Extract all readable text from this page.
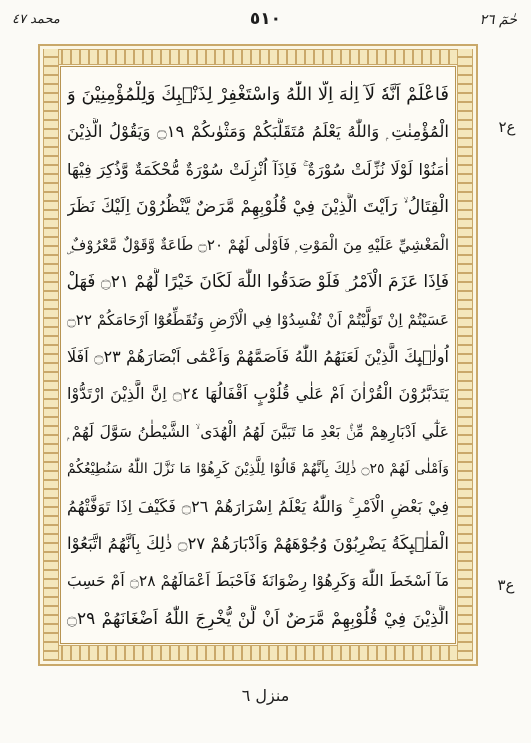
محمد ٤٧	٥١٠	حٰمٓ ٢٦
فَاعْلَمْ اَنَّهٗ لَآ اِلٰهَ اِلَّا اللّٰهُ وَاسْتَغْفِرْ لِذَنْۢبِكَ وَلِلْمُؤْمِنِيْنَ وَ
الْمُؤْمِنٰتِ ۭ وَاللّٰهُ يَعْلَمُ مُتَقَلَّبَكُمْ وَمَثْوٰىكُمْ ۝١٩ وَيَقُوْلُ الَّذِيْنَ
اٰمَنُوْا لَوْلَا نُزِّلَتْ سُوْرَةٌ ۚ فَاِذَآ اُنْزِلَتْ سُوْرَةٌ مُّحْكَمَةٌ وَّذُكِرَ فِيْهَا
الْقِتَالُ ۙ رَاَيْتَ الَّذِيْنَ فِيْ قُلُوْبِهِمْ مَّرَضٌ يَّنْظُرُوْنَ اِلَيْكَ نَظَرَ
الْمَغْشِيِّ عَلَيْهِ مِنَ الْمَوْتِ ۭ فَاَوْلٰى لَهُمْ ۝٢٠ طَاعَةٌ وَّقَوْلٌ مَّعْرُوْفٌ ۣ
فَاِذَا عَزَمَ الْاَمْرُ ۣ فَلَوْ صَدَقُوا اللّٰهَ لَكَانَ خَيْرًا لَّهُمْ ۝٢١ فَهَلْ
عَسَيْتُمْ اِنْ تَوَلَّيْتُمْ اَنْ تُفْسِدُوْا فِي الْاَرْضِ وَتُقَطِّعُوْٓا اَرْحَامَكُمْ ۝٢٢
اُولٰۗىِٕكَ الَّذِيْنَ لَعَنَهُمُ اللّٰهُ فَاَصَمَّهُمْ وَاَعْمٰٓى اَبْصَارَهُمْ ۝٢٣ اَفَلَا
يَتَدَبَّرُوْنَ الْقُرْاٰنَ اَمْ عَلٰي قُلُوْبٍ اَقْفَالُهَا ۝٢٤ اِنَّ الَّذِيْنَ ارْتَدُّوْا
عَلٰٓي اَدْبَارِهِمْ مِّنْۢ بَعْدِ مَا تَبَيَّنَ لَهُمُ الْهُدَى ۙ الشَّيْطٰنُ سَوَّلَ لَهُمْ ۭ
وَاَمْلٰى لَهُمْ ۝٢٥ ذٰلِكَ بِاَنَّهُمْ قَالُوْا لِلَّذِيْنَ كَرِهُوْا مَا نَزَّلَ اللّٰهُ سَنُطِيْعُكُمْ
فِيْ بَعْضِ الْاَمْرِ ۚ وَاللّٰهُ يَعْلَمُ اِسْرَارَهُمْ ۝٢٦ فَكَيْفَ اِذَا تَوَفَّتْهُمُ
الْمَلٰۗىِٕكَةُ يَضْرِبُوْنَ وُجُوْهَهُمْ وَاَدْبَارَهُمْ ۝٢٧ ذٰلِكَ بِاَنَّهُمُ اتَّبَعُوْا
مَآ اَسْخَطَ اللّٰهَ وَكَرِهُوْا رِضْوَانَهٗ فَاَحْبَطَ اَعْمَالَهُمْ ۝٢٨ اَمْ حَسِبَ
الَّذِيْنَ فِيْ قُلُوْبِهِمْ مَّرَضٌ اَنْ لَّنْ يُّخْرِجَ اللّٰهُ اَضْغَانَهُمْ ۝٢٩
ع٢
ع٣
منزل ٦
